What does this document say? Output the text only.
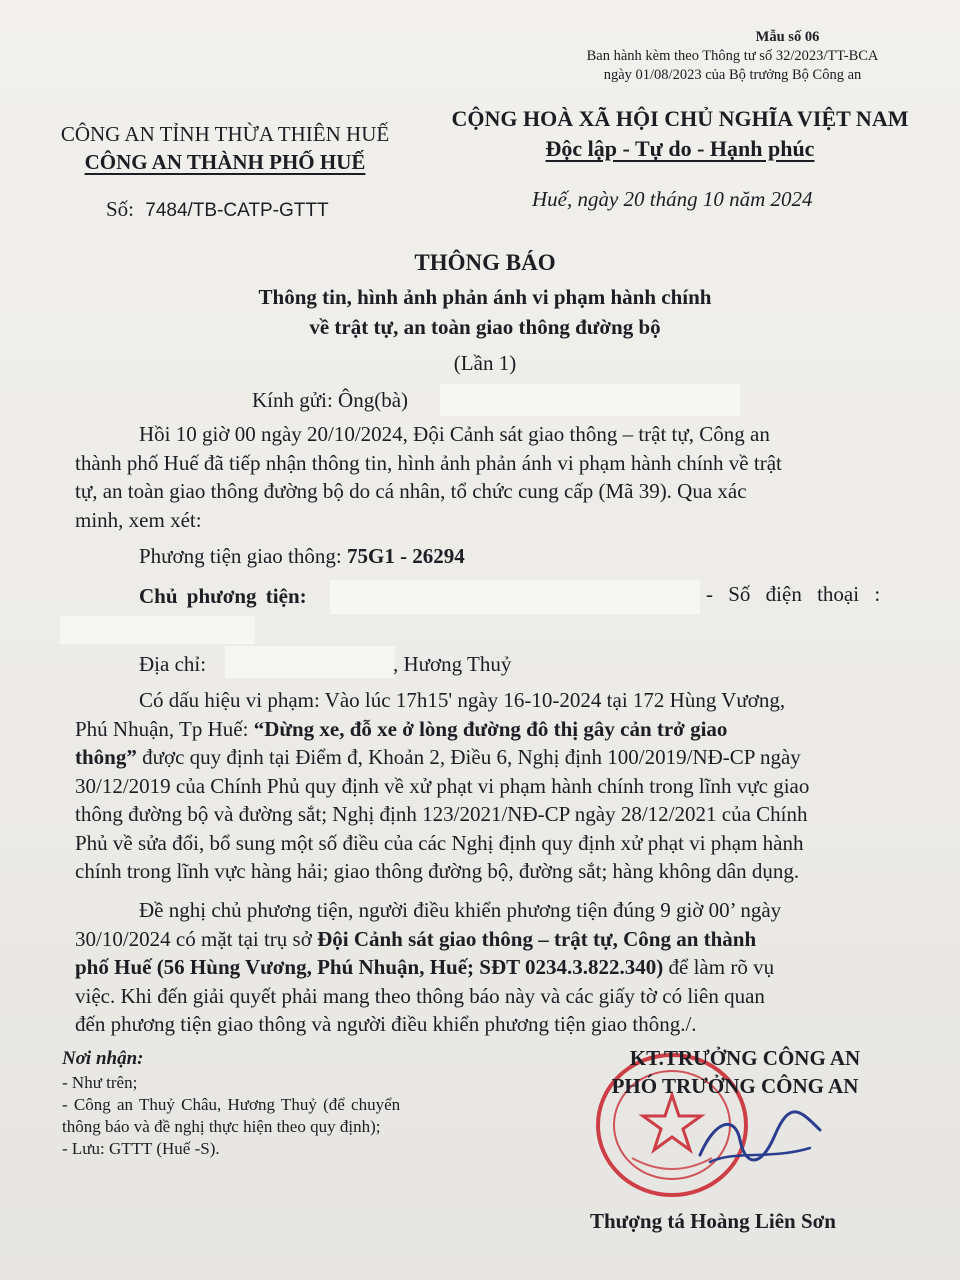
Mẫu số 06
Ban hành kèm theo Thông tư số 32/2023/TT-BCA
ngày 01/08/2023 của Bộ trưởng Bộ Công an
CÔNG AN TỈNH THỪA THIÊN HUẾ
CÔNG AN THÀNH PHỐ HUẾ
Số: 7484/TB-CATP-GTTT
CỘNG HOÀ XÃ HỘI CHỦ NGHĨA VIỆT NAM
Độc lập - Tự do - Hạnh phúc
Huế, ngày 20 tháng 10 năm 2024
THÔNG BÁO
Thông tin, hình ảnh phản ánh vi phạm hành chính
về trật tự, an toàn giao thông đường bộ
(Lần 1)
Kính gửi: Ông(bà)
Hồi 10 giờ 00 ngày 20/10/2024, Đội Cảnh sát giao thông – trật tự, Công an
thành phố Huế đã tiếp nhận thông tin, hình ảnh phản ánh vi phạm hành chính về trật
tự, an toàn giao thông đường bộ do cá nhân, tổ chức cung cấp (Mã 39). Qua xác
minh, xem xét:
Phương tiện giao thông: 75G1 - 26294
Chủ phương tiện:	- Số điện thoại :
Địa chỉ:	, Hương Thuỷ
Có dấu hiệu vi phạm: Vào lúc 17h15' ngày 16-10-2024 tại 172 Hùng Vương,
Phú Nhuận, Tp Huế: “Dừng xe, đỗ xe ở lòng đường đô thị gây cản trở giao
thông” được quy định tại Điểm đ, Khoản 2, Điều 6, Nghị định 100/2019/NĐ-CP ngày
30/12/2019 của Chính Phủ quy định về xử phạt vi phạm hành chính trong lĩnh vực giao
thông đường bộ và đường sắt; Nghị định 123/2021/NĐ-CP ngày 28/12/2021 của Chính
Phủ về sửa đổi, bổ sung một số điều của các Nghị định quy định xử phạt vi phạm hành
chính trong lĩnh vực hàng hải; giao thông đường bộ, đường sắt; hàng không dân dụng.
Đề nghị chủ phương tiện, người điều khiển phương tiện đúng 9 giờ 00’ ngày
30/10/2024 có mặt tại trụ sở Đội Cảnh sát giao thông – trật tự, Công an thành
phố Huế (56 Hùng Vương, Phú Nhuận, Huế; SĐT 0234.3.822.340) để làm rõ vụ
việc. Khi đến giải quyết phải mang theo thông báo này và các giấy tờ có liên quan
đến phương tiện giao thông và người điều khiển phương tiện giao thông./.
Nơi nhận:
- Như trên;
- Công an Thuỷ Châu, Hương Thuỷ (để chuyển
thông báo và đề nghị thực hiện theo quy định);
- Lưu: GTTT (Huế -S).
KT.TRƯỞNG CÔNG AN
PHÓ TRƯỞNG CÔNG AN
Thượng tá Hoàng Liên Sơn
